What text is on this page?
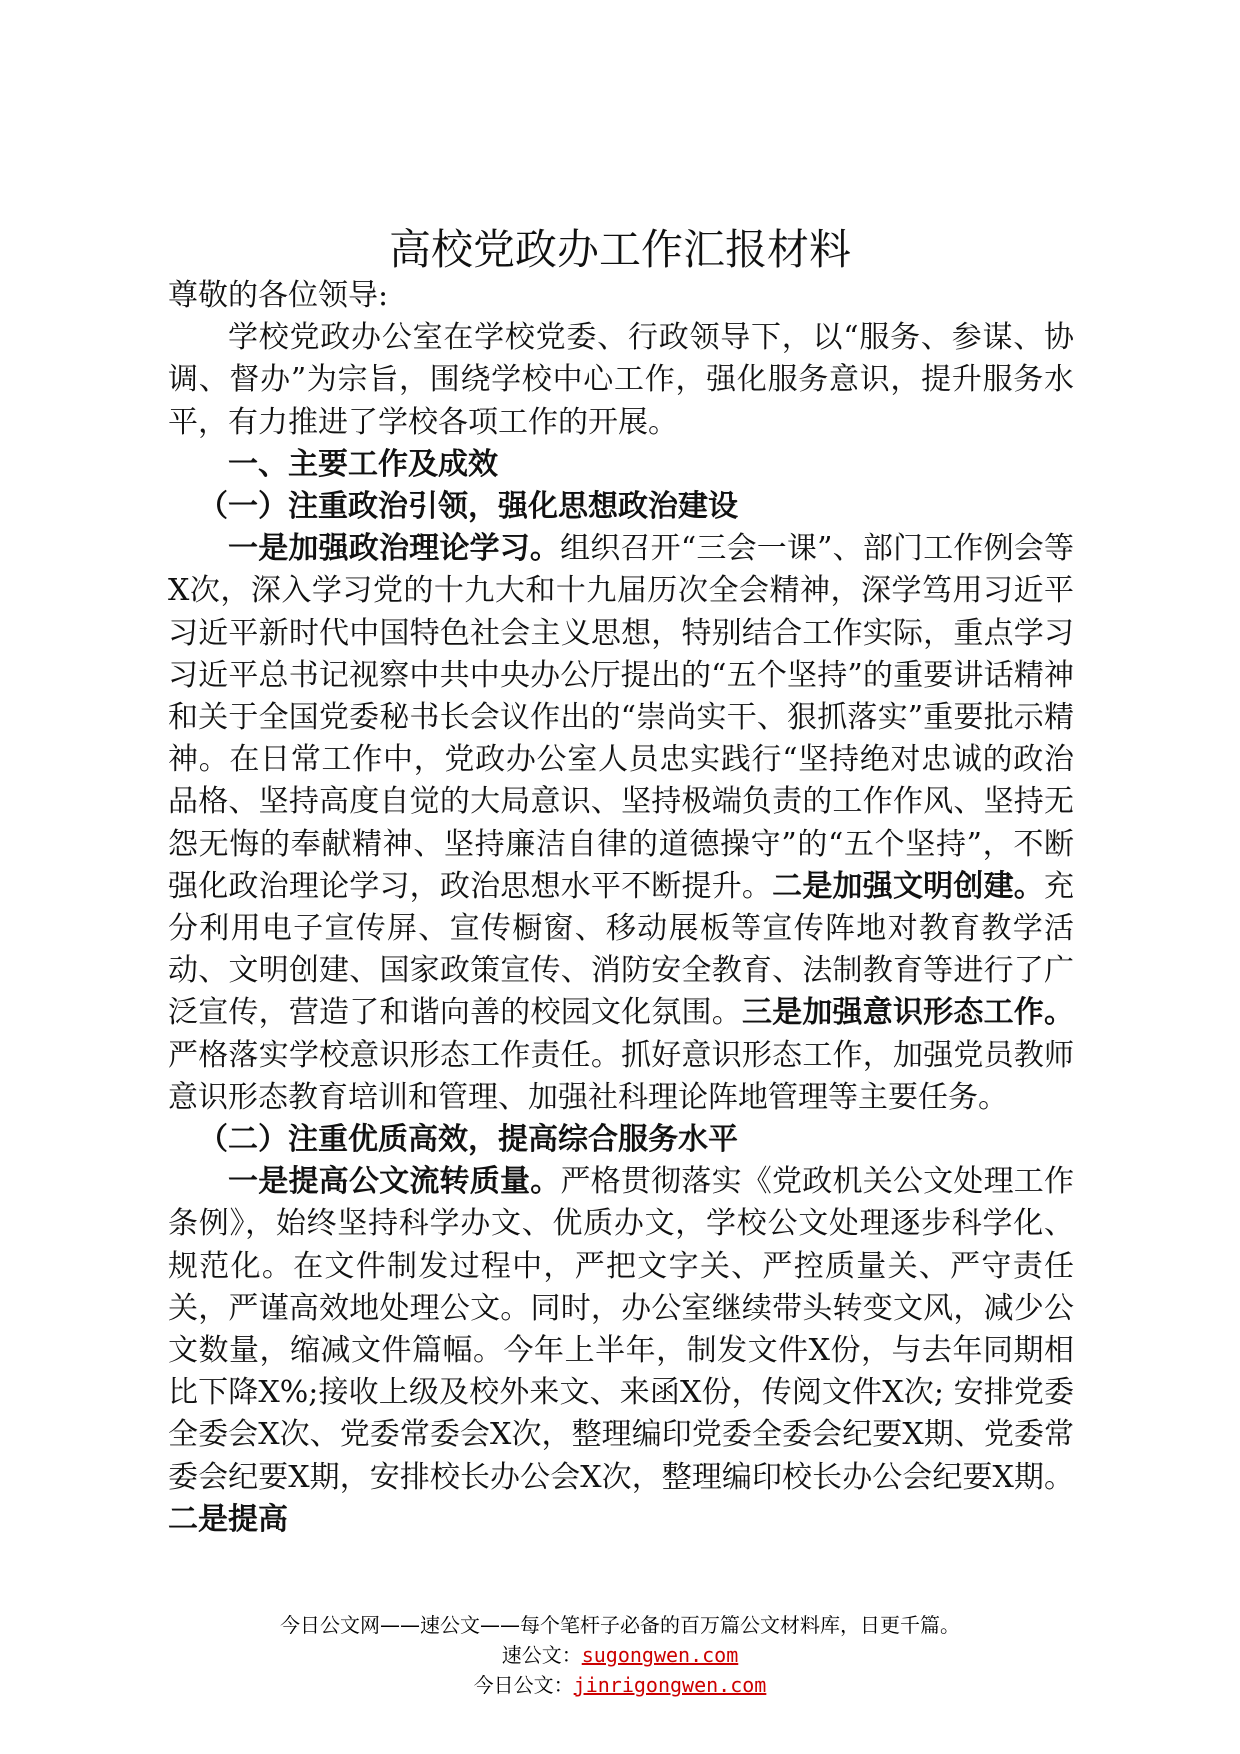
高校党政办工作汇报材料

尊敬的各位领导:

学校党政办公室在学校党委、行政领导下，以“服务、参谋、协调、督办”为宗旨，围绕学校中心工作，强化服务意识，提升服务水平，有力推进了学校各项工作的开展。

一、主要工作及成效

（一）注重政治引领，强化思想政治建设

一是加强政治理论学习。组织召开“三会一课”、部门工作例会等X次，深入学习党的十九大和十九届历次全会精神，深学笃用习近平习近平新时代中国特色社会主义思想，特别结合工作实际，重点学习习近平总书记视察中共中央办公厅提出的“五个坚持”的重要讲话精神和关于全国党委秘书长会议作出的“崇尚实干、狠抓落实”重要批示精神。在日常工作中，党政办公室人员忠实践行“坚持绝对忠诚的政治品格、坚持高度自觉的大局意识、坚持极端负责的工作作风、坚持无怨无悔的奉献精神、坚持廉洁自律的道德操守”的“五个坚持”，不断强化政治理论学习，政治思想水平不断提升。二是加强文明创建。充分利用电子宣传屏、宣传橱窗、移动展板等宣传阵地对教育教学活动、文明创建、国家政策宣传、消防安全教育、法制教育等进行了广泛宣传，营造了和谐向善的校园文化氛围。三是加强意识形态工作。严格落实学校意识形态工作责任。抓好意识形态工作，加强党员教师意识形态教育培训和管理、加强社科理论阵地管理等主要任务。

（二）注重优质高效，提高综合服务水平

一是提高公文流转质量。严格贯彻落实《党政机关公文处理工作条例》，始终坚持科学办文、优质办文，学校公文处理逐步科学化、规范化。在文件制发过程中，严把文字关、严控质量关、严守责任关，严谨高效地处理公文。同时，办公室继续带头转变文风，减少公文数量，缩减文件篇幅。今年上半年，制发文件X份，与去年同期相比下降X%;接收上级及校外来文、来函X份，传阅文件X次; 安排党委全委会X次、党委常委会X次，整理编印党委全委会纪要X期、党委常委会纪要X期，安排校长办公会X次，整理编印校长办公会纪要X期。二是提高

今日公文网——速公文——每个笔杆子必备的百万篇公文材料库，日更千篇。
速公文：sugongwen.com
今日公文：jinrigongwen.com
